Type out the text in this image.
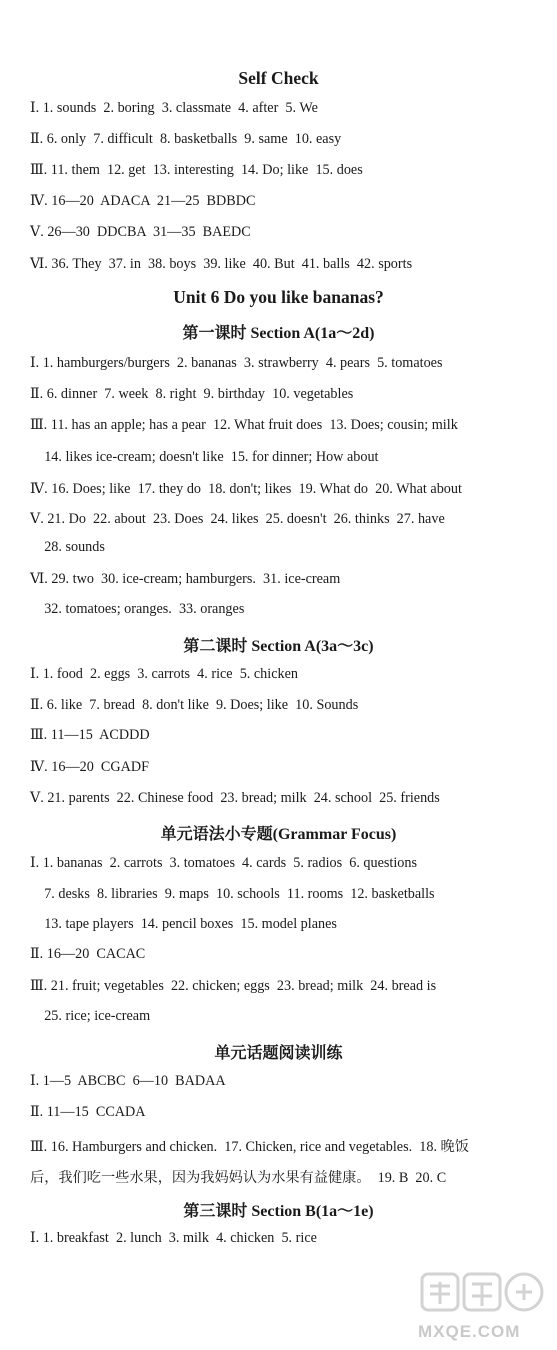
Self Check
Ⅰ. 1. sounds  2. boring  3. classmate  4. after  5. We
Ⅱ. 6. only  7. difficult  8. basketballs  9. same  10. easy
Ⅲ. 11. them  12. get  13. interesting  14. Do; like  15. does
Ⅳ. 16—20  ADACA  21—25  BDBDC
Ⅴ. 26—30  DDCBA  31—35  BAEDC
Ⅵ. 36. They  37. in  38. boys  39. like  40. But  41. balls  42. sports
Unit 6 Do you like bananas?
第一课时 Section A(1a～2d)
Ⅰ. 1. hamburgers/burgers  2. bananas  3. strawberry  4. pears  5. tomatoes
Ⅱ. 6. dinner  7. week  8. right  9. birthday  10. vegetables
Ⅲ. 11. has an apple; has a pear  12. What fruit does  13. Does; cousin; milk
14. likes ice-cream; doesn't like  15. for dinner; How about
Ⅳ. 16. Does; like  17. they do  18. don't; likes  19. What do  20. What about
Ⅴ. 21. Do  22. about  23. Does  24. likes  25. doesn't  26. thinks  27. have
28. sounds
Ⅵ. 29. two  30. ice-cream; hamburgers.  31. ice-cream
32. tomatoes; oranges.  33. oranges
第二课时 Section A(3a～3c)
Ⅰ. 1. food  2. eggs  3. carrots  4. rice  5. chicken
Ⅱ. 6. like  7. bread  8. don't like  9. Does; like  10. Sounds
Ⅲ. 11—15  ACDDD
Ⅳ. 16—20  CGADF
Ⅴ. 21. parents  22. Chinese food  23. bread; milk  24. school  25. friends
单元语法小专题(Grammar Focus)
Ⅰ. 1. bananas  2. carrots  3. tomatoes  4. cards  5. radios  6. questions
7. desks  8. libraries  9. maps  10. schools  11. rooms  12. basketballs
13. tape players  14. pencil boxes  15. model planes
Ⅱ. 16—20  CACAC
Ⅲ. 21. fruit; vegetables  22. chicken; eggs  23. bread; milk  24. bread is
25. rice; ice-cream
单元话题阅读训练
Ⅰ. 1—5  ABCBC  6—10  BADAA
Ⅱ. 11—15  CCADA
Ⅲ. 16. Hamburgers and chicken.  17. Chicken, rice and vegetables.  18. 晚饭
后，我们吃一些水果，因为我妈妈认为水果有益健康。  19. B  20. C
第三课时 Section B(1a～1e)
Ⅰ. 1. breakfast  2. lunch  3. milk  4. chicken  5. rice
MXQE.COM
